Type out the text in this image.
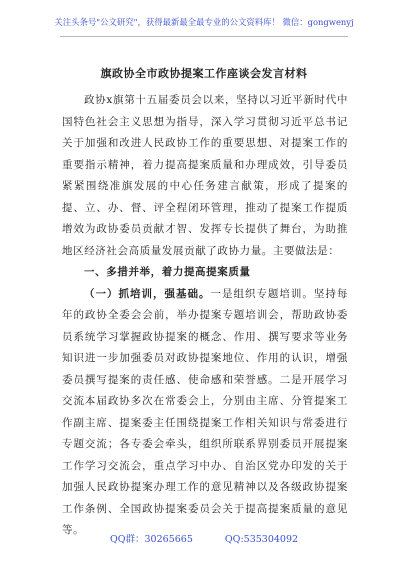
关注头条号"公文研究"，获得最新最全最专业的公文资料库！ 微信：gongwenyj
旗政协全市政协提案工作座谈会发言材料

政协x旗第十五届委员会以来，坚持以习近平新时代中国特色社会主义思想为指导，深入学习贯彻习近平总书记关于加强和改进人民政协工作的重要思想、对提案工作的重要指示精神，着力提高提案质量和办理成效，引导委员紧紧围绕准旗发展的中心任务建言献策，形成了提案的提、立、办、督、评全程闭环管理，推动了提案工作提质增效为政协委员贡献才智、发挥专长提供了舞台，为助推地区经济社会高质量发展贡献了政协力量。主要做法是：

一、多措并举，着力提高提案质量

（一）抓培训，强基础。一是组织专题培训。坚持每年的政协全委会会前，举办提案专题培训会，帮助政协委员系统学习掌握政协提案的概念、作用、撰写要求等业务知识进一步加强委员对政协提案地位、作用的认识，增强委员撰写提案的责任感、使命感和荣誉感。二是开展学习交流本届政协多次在常委会上，分别由主席、分管提案工作副主席、提案委主任围绕提案工作相关知识与常委进行专题交流；各专委会牵头，组织所联系界别委员开展提案工作学习交流会，重点学习中办、自治区党办印发的关于加强人民政协提案办理工作的意见精神以及各级政协提案工作条例、全国政协提案委员会关于提高提案质量的意见等。

QQ群：30265665	QQ:535304092
